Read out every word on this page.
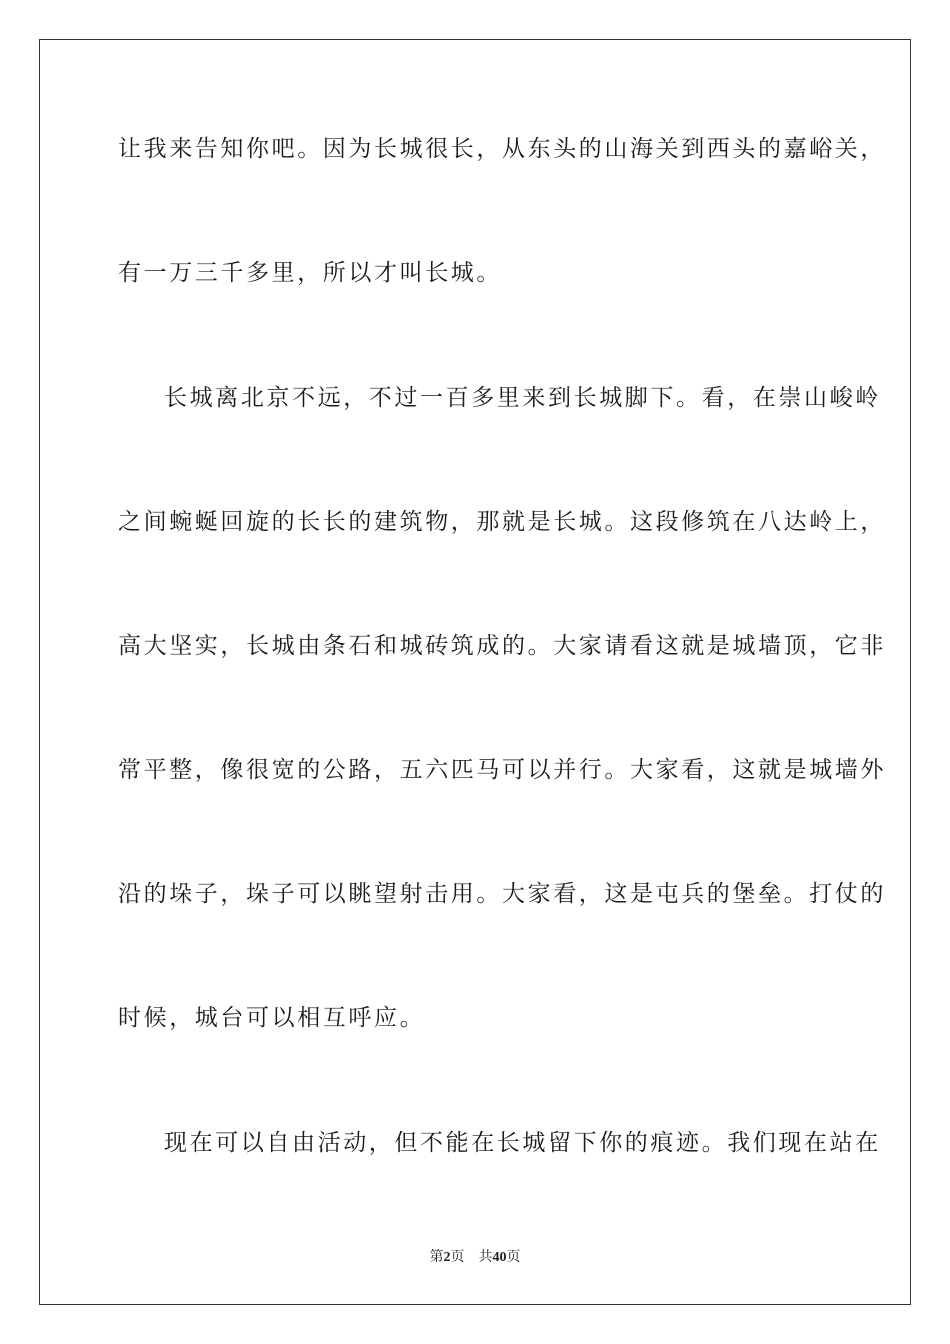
让我来告知你吧。因为长城很长，从东头的山海关到西头的嘉峪关，
有一万三千多里，所以才叫长城。
长城离北京不远，不过一百多里来到长城脚下。看，在崇山峻岭
之间蜿蜒回旋的长长的建筑物，那就是长城。这段修筑在八达岭上，
高大坚实，长城由条石和城砖筑成的。大家请看这就是城墙顶，它非
常平整，像很宽的公路，五六匹马可以并行。大家看，这就是城墙外
沿的垛子，垛子可以眺望射击用。大家看，这是屯兵的堡垒。打仗的
时候，城台可以相互呼应。
现在可以自由活动，但不能在长城留下你的痕迹。我们现在站在
第2页 共40页
